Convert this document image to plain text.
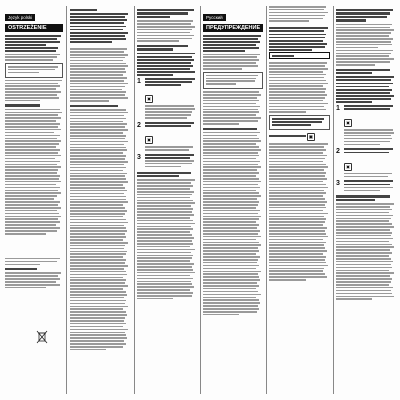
Język polski
OSTRZEŻENIE
1
▣
2
▣
3
Русский
ПРЕДУПРЕЖДЕНИЕ
▣
1
▣
2
▣
3
